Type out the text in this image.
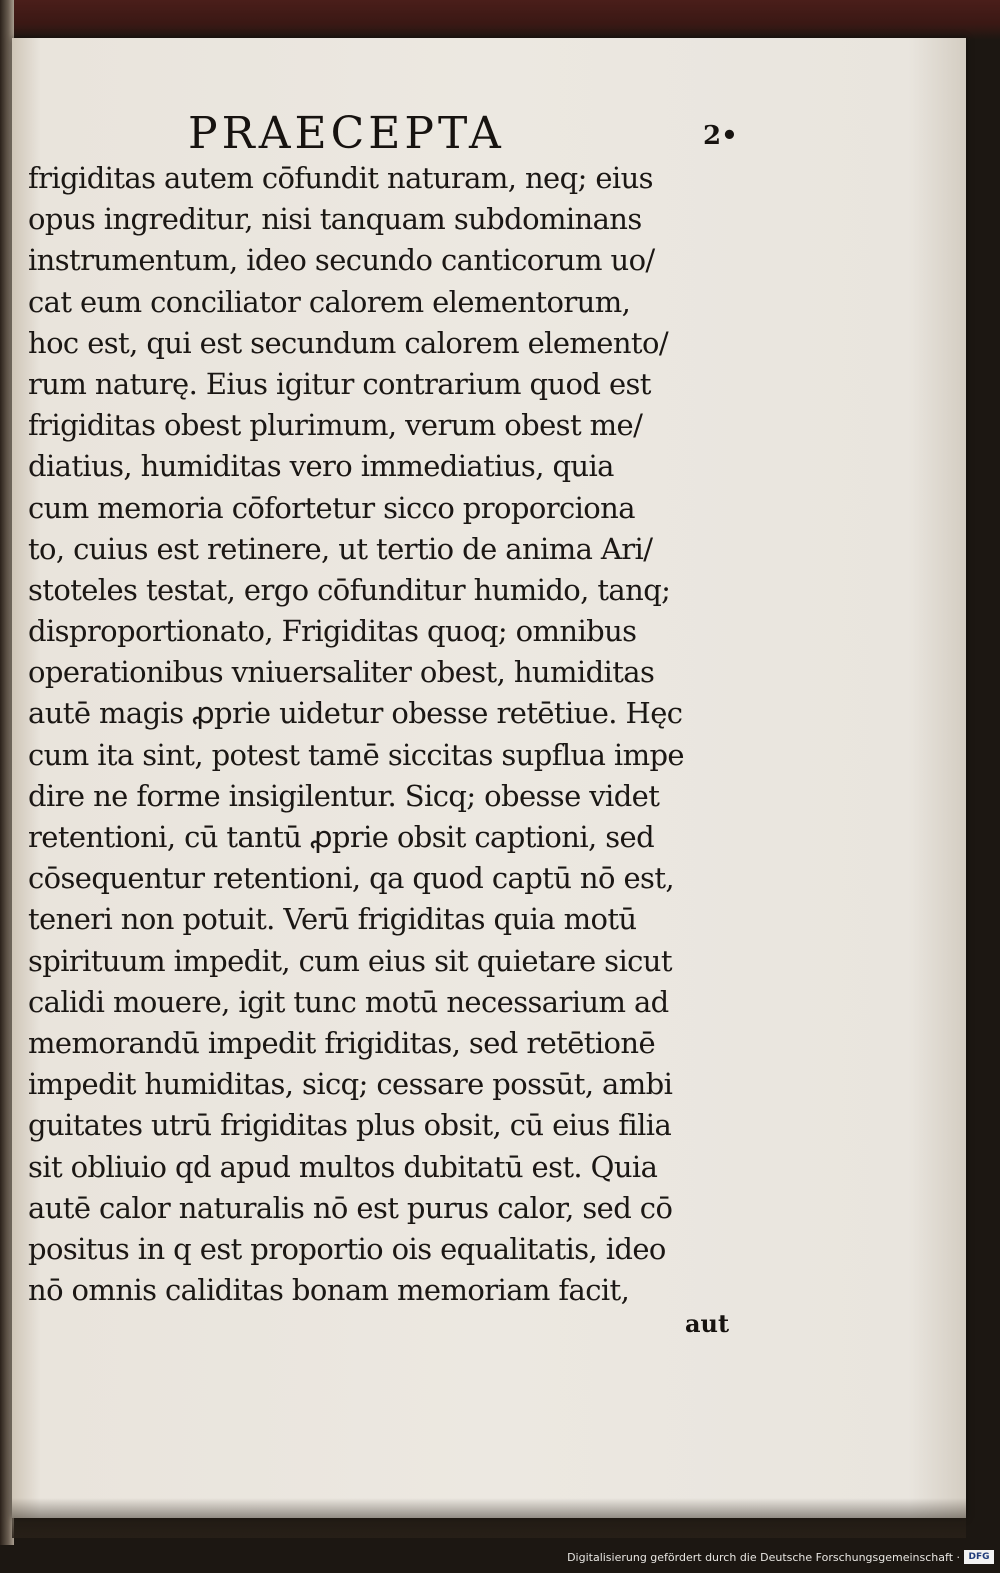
PRAECEPTA	2•
frigiditas autem cōfundit naturam, neq; eius
opus ingreditur, nisi tanquam subdominans
instrumentum, ideo secundo canticorum uo/
cat eum conciliator calorem elementorum,
hoc est, qui est secundum calorem elemento/
rum naturę. Eius igitur contrarium quod est
frigiditas obest plurimum, verum obest me/
diatius, humiditas vero immediatius, quia
cum memoria cōfortetur sicco proporciona
to, cuius est retinere, ut tertio de anima Ari/
stoteles testat, ergo cōfunditur humido, tanq;
disproportionato, Frigiditas quoq; omnibus
operationibus vniuersaliter obest, humiditas
autē magis ꝓprie uidetur obesse retētiue. Hęc
cum ita sint, potest tamē siccitas supflua impe
dire ne forme insigilentur. Sicq; obesse videt
retentioni, cū tantū ꝓprie obsit captioni, sed
cōsequentur retentioni, qa quod captū nō est,
teneri non potuit. Verū frigiditas quia motū
spirituum impedit, cum eius sit quietare sicut
calidi mouere, igit tunc motū necessarium ad
memorandū impedit frigiditas, sed retētionē
impedit humiditas, sicq; cessare possūt, ambi
guitates utrū frigiditas plus obsit, cū eius filia
sit obliuio qd apud multos dubitatū est. Quia
autē calor naturalis nō est purus calor, sed cō
positus in q est proportio ois equalitatis, ideo
nō omnis caliditas bonam memoriam facit,
aut
Digitalisierung gefördert durch die Deutsche Forschungsgemeinschaft · DFG
